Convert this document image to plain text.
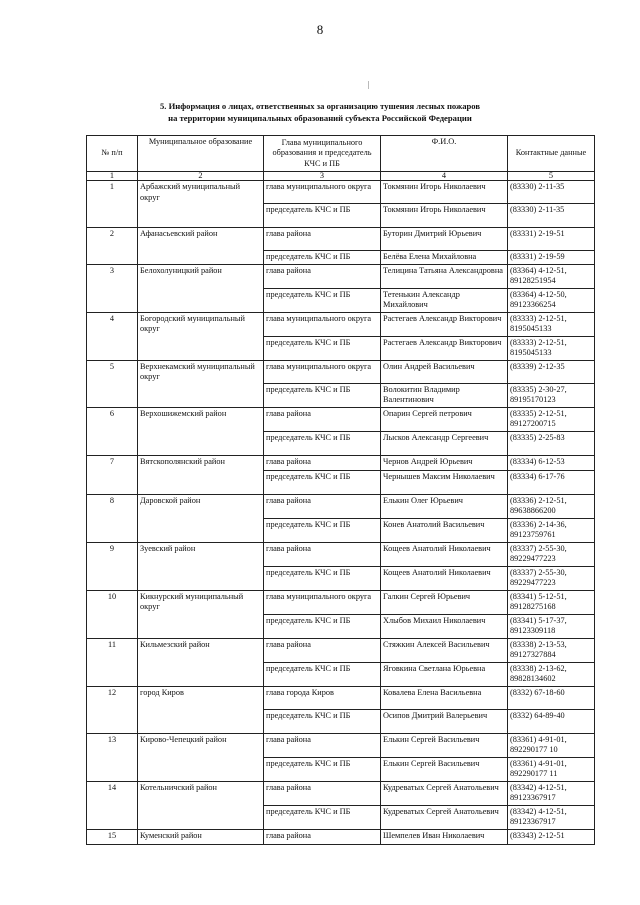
8
|
5. Информация о лицах, ответственных за организацию тушения лесных пожаров
на территории муниципальных образований субъекта Российской Федерации
№ п/п	Муниципальное образование	Глава муниципального образования и председатель КЧС и ПБ	Ф.И.О.	Контактные данные
1	2	3	4	5
1	Арбажский муниципальный округ	глава муниципального округа	Токмянин Игорь Николаевич	(83330) 2-11-35
		председатель КЧС и ПБ	Токмянин Игорь Николаевич	(83330) 2-11-35
2	Афанасьевский район	глава района	Буторин Дмитрий Юрьевич	(83331) 2-19-51
		председатель КЧС и ПБ	Белёва Елена Михайловна	(83331) 2-19-59
3	Белохолуницкий район	глава района	Телицина Татьяна Александровна	(83364) 4-12-51, 89128251954
		председатель КЧС и ПБ	Тетенькин Александр Михайлович	(83364) 4-12-50, 89123366254
4	Богородский муниципальный округ	глава муниципального округа	Растегаев Александр Викторович	(83333) 2-12-51, 8195045133
		председатель КЧС и ПБ	Растегаев Александр Викторович	(83333) 2-12-51, 8195045133
5	Верхнекамский муниципальный округ	глава муниципального округа	Олин Андрей Васильевич	(83339) 2-12-35
		председатель КЧС и ПБ	Волокитин Владимир Валентинович	(83335) 2-30-27, 89195170123
6	Верхошижемский район	глава района	Опарин Сергей петрович	(83335) 2-12-51, 89127200715
		председатель КЧС и ПБ	Лысков Александр Сергеевич	(83335) 2-25-83
7	Вятскополянский район	глава района	Чернов Андрей Юрьевич	(83334) 6-12-53
		председатель КЧС и ПБ	Чернышев Максим Николаевич	(83334) 6-17-76
8	Даровской район	глава района	Елькин Олег Юрьевич	(83336) 2-12-51, 89638866200
		председатель КЧС и ПБ	Конев Анатолий Васильевич	(83336) 2-14-36, 89123759761
9	Зуевский район	глава района	Кощеев Анатолий Николаевич	(83337) 2-55-30, 89229477223
		председатель КЧС и ПБ	Кощеев Анатолий Николаевич	(83337) 2-55-30, 89229477223
10	Кикнурский муниципальный округ	глава муниципального округа	Галкин Сергей Юрьевич	(83341) 5-12-51, 89128275168
		председатель КЧС и ПБ	Хлыбов Михаил Николаевич	(83341) 5-17-37, 89123309118
11	Кильмезский район	глава района	Стяжкин Алексей Васильевич	(83338) 2-13-53, 89127327884
		председатель КЧС и ПБ	Яговкина Светлана Юрьевна	(83338) 2-13-62, 89828134602
12	город Киров	глава города Киров	Ковалева Елена Васильевна	(8332) 67-18-60
		председатель КЧС и ПБ	Осипов Дмитрий Валерьевич	(8332) 64-89-40
13	Кирово-Чепецкий район	глава района	Елькин Сергей Васильевич	(83361) 4-91-01, 892290177 10
		председатель КЧС и ПБ	Елькин Сергей Васильевич	(83361) 4-91-01, 892290177 11
14	Котельничский район	глава района	Кудреватых Сергей Анатольевич	(83342) 4-12-51, 89123367917
		председатель КЧС и ПБ	Кудреватых Сергей Анатольевич	(83342) 4-12-51, 89123367917
15	Куменский район	глава района	Шемпелев Иван Николаевич	(83343) 2-12-51
